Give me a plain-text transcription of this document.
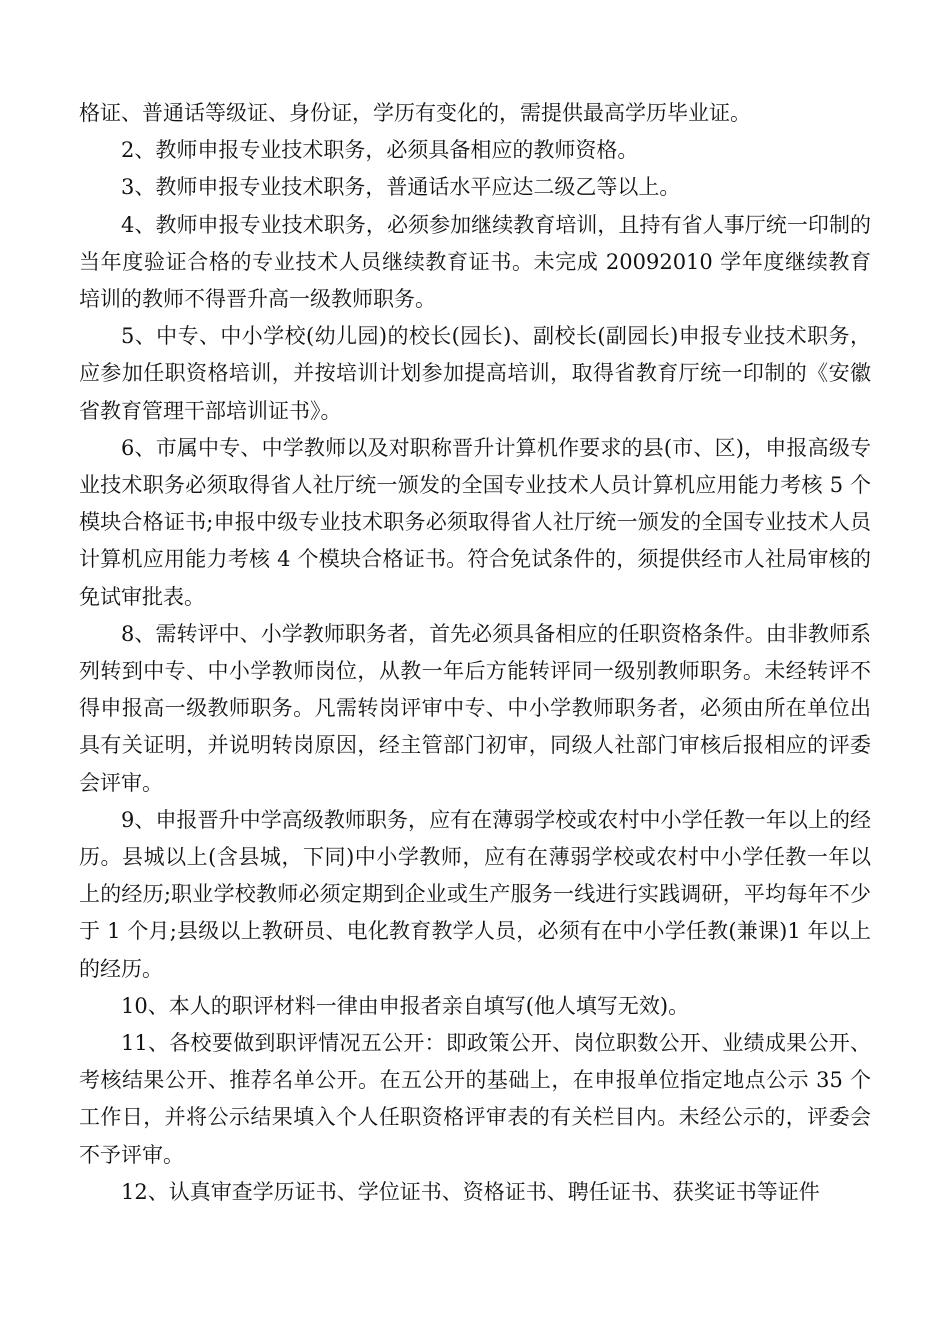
格证、普通话等级证、身份证，学历有变化的，需提供最高学历毕业证。

2、教师申报专业技术职务，必须具备相应的教师资格。

3、教师申报专业技术职务，普通话水平应达二级乙等以上。

4、教师申报专业技术职务，必须参加继续教育培训，且持有省人事厅统一印制的当年度验证合格的专业技术人员继续教育证书。未完成 20092010 学年度继续教育培训的教师不得晋升高一级教师职务。

5、中专、中小学校(幼儿园)的校长(园长)、副校长(副园长)申报专业技术职务，应参加任职资格培训，并按培训计划参加提高培训，取得省教育厅统一印制的《安徽省教育管理干部培训证书》。

6、市属中专、中学教师以及对职称晋升计算机作要求的县(市、区)，申报高级专业技术职务必须取得省人社厅统一颁发的全国专业技术人员计算机应用能力考核 5 个模块合格证书;申报中级专业技术职务必须取得省人社厅统一颁发的全国专业技术人员计算机应用能力考核 4 个模块合格证书。符合免试条件的，须提供经市人社局审核的免试审批表。

8、需转评中、小学教师职务者，首先必须具备相应的任职资格条件。由非教师系列转到中专、中小学教师岗位，从教一年后方能转评同一级别教师职务。未经转评不得申报高一级教师职务。凡需转岗评审中专、中小学教师职务者，必须由所在单位出具有关证明，并说明转岗原因，经主管部门初审，同级人社部门审核后报相应的评委会评审。

9、申报晋升中学高级教师职务，应有在薄弱学校或农村中小学任教一年以上的经历。县城以上(含县城，下同)中小学教师，应有在薄弱学校或农村中小学任教一年以上的经历;职业学校教师必须定期到企业或生产服务一线进行实践调研，平均每年不少于 1 个月;县级以上教研员、电化教育教学人员，必须有在中小学任教(兼课)1 年以上的经历。

10、本人的职评材料一律由申报者亲自填写(他人填写无效)。

11、各校要做到职评情况五公开：即政策公开、岗位职数公开、业绩成果公开、考核结果公开、推荐名单公开。在五公开的基础上，在申报单位指定地点公示 35 个工作日，并将公示结果填入个人任职资格评审表的有关栏目内。未经公示的，评委会不予评审。

12、认真审查学历证书、学位证书、资格证书、聘任证书、获奖证书等证件
